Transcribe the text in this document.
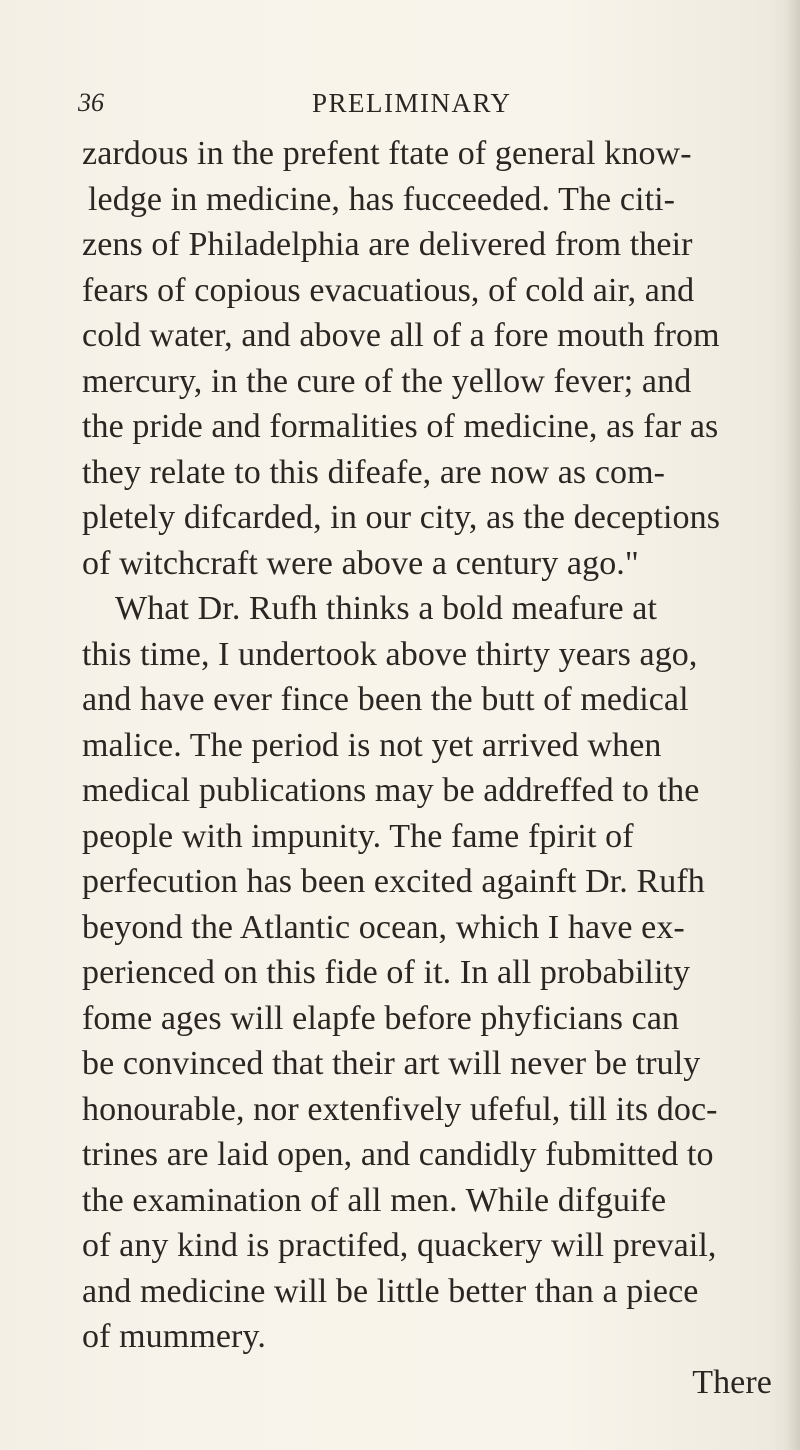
36	PRELIMINARY
zardous in the prefent ftate of general know-
ledge in medicine, has fucceeded. The citi-
zens of Philadelphia are delivered from their
fears of copious evacuatious, of cold air, and
cold water, and above all of a fore mouth from
mercury, in the cure of the yellow fever; and
the pride and formalities of medicine, as far as
they relate to this difeafe, are now as com-
pletely difcarded, in our city, as the deceptions
of witchcraft were above a century ago."
What Dr. Rufh thinks a bold meafure at
this time, I undertook above thirty years ago,
and have ever fince been the butt of medical
malice. The period is not yet arrived when
medical publications may be addreffed to the
people with impunity. The fame fpirit of
perfecution has been excited againft Dr. Rufh
beyond the Atlantic ocean, which I have ex-
perienced on this fide of it. In all probability
fome ages will elapfe before phyficians can
be convinced that their art will never be truly
honourable, nor extenfively ufeful, till its doc-
trines are laid open, and candidly fubmitted to
the examination of all men. While difguife
of any kind is practifed, quackery will prevail,
and medicine will be little better than a piece
of mummery.
There
